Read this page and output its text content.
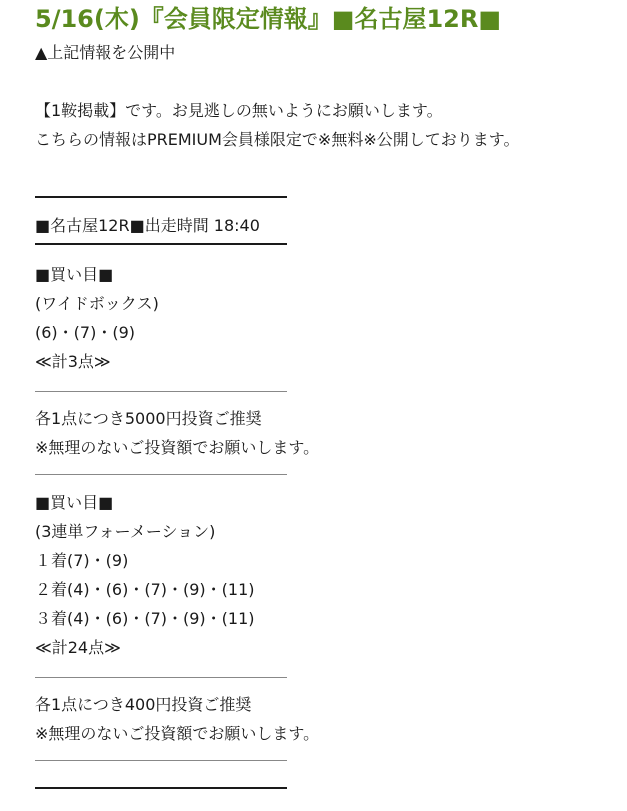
5/16(木)『会員限定情報』■名古屋12R■
▲上記情報を公開中
【1鞍掲載】です。お見逃しの無いようにお願いします。
こちらの情報はPREMIUM会員様限定で※無料※公開しております。
■名古屋12R■出走時間 18:40
■買い目■
(ワイドボックス)
(6)・(7)・(9)
≪計3点≫
各1点につき5000円投資ご推奨
※無理のないご投資額でお願いします。
■買い目■
(3連単フォーメーション)
１着(7)・(9)
２着(4)・(6)・(7)・(9)・(11)
３着(4)・(6)・(7)・(9)・(11)
≪計24点≫
各1点につき400円投資ご推奨
※無理のないご投資額でお願いします。
